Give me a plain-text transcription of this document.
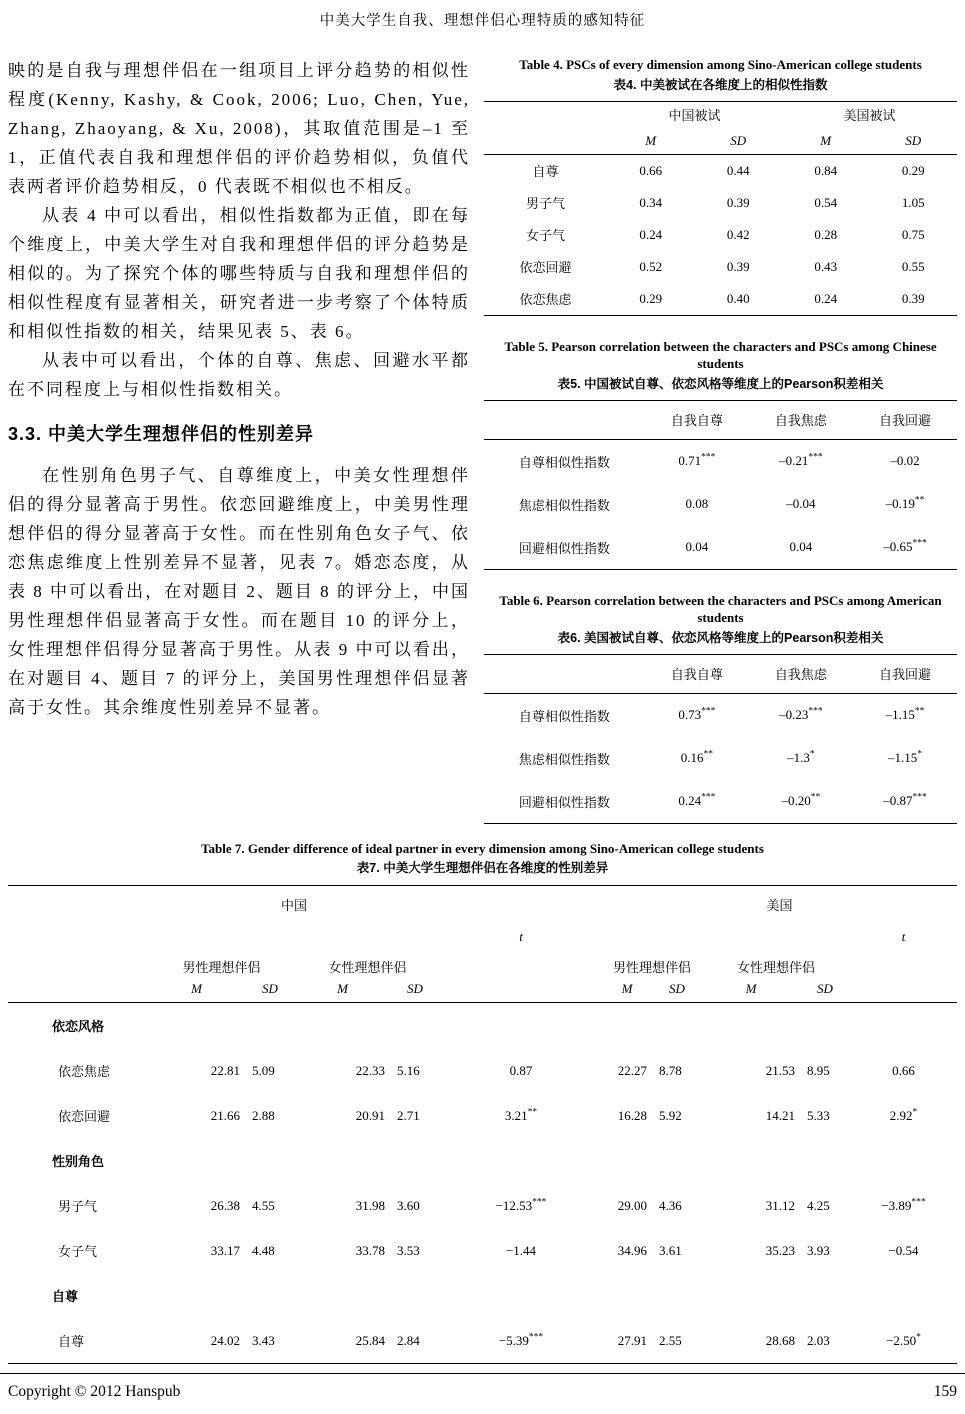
中美大学生自我、理想伴侣心理特质的感知特征

映的是自我与理想伴侣在一组项目上评分趋势的相似性程度(Kenny, Kashy, & Cook, 2006; Luo, Chen, Yue, Zhang, Zhaoyang, & Xu, 2008)，其取值范围是–1 至 1，正值代表自我和理想伴侣的评价趋势相似，负值代表两者评价趋势相反，0 代表既不相似也不相反。

从表 4 中可以看出，相似性指数都为正值，即在每个维度上，中美大学生对自我和理想伴侣的评分趋势是相似的。为了探究个体的哪些特质与自我和理想伴侣的相似性程度有显著相关，研究者进一步考察了个体特质和相似性指数的相关，结果见表 5、表 6。

从表中可以看出，个体的自尊、焦虑、回避水平都在不同程度上与相似性指数相关。

3.3. 中美大学生理想伴侣的性别差异

在性别角色男子气、自尊维度上，中美女性理想伴侣的得分显著高于男性。依恋回避维度上，中美男性理想伴侣的得分显著高于女性。而在性别角色女子气、依恋焦虑维度上性别差异不显著，见表 7。婚恋态度，从表 8 中可以看出，在对题目 2、题目 8 的评分上，中国男性理想伴侣显著高于女性。而在题目 10 的评分上，女性理想伴侣得分显著高于男性。从表 9 中可以看出，在对题目 4、题目 7 的评分上，美国男性理想伴侣显著高于女性。其余维度性别差异不显著。

Table 4. PSCs of every dimension among Sino-American college students

表4. 中美被试在各维度上的相似性指数

	中国被试		美国被试	
	M	SD	M	SD
自尊	0.66	0.44	0.84	0.29
男子气	0.34	0.39	0.54	1.05
女子气	0.24	0.42	0.28	0.75
依恋回避	0.52	0.39	0.43	0.55
依恋焦虑	0.29	0.40	0.24	0.39

Table 5. Pearson correlation between the characters and PSCs among Chinese students

表5. 中国被试自尊、依恋风格等维度上的Pearson积差相关

	自我自尊	自我焦虑	自我回避
自尊相似性指数	0.71***	–0.21***	–0.02
焦虑相似性指数	0.08	–0.04	–0.19**
回避相似性指数	0.04	0.04	–0.65***

Table 6. Pearson correlation between the characters and PSCs among American students

表6. 美国被试自尊、依恋风格等维度上的Pearson积差相关

	自我自尊	自我焦虑	自我回避
自尊相似性指数	0.73***	–0.23***	–1.15**
焦虑相似性指数	0.16**	–1.3*	–1.15*
回避相似性指数	0.24***	–0.20**	–0.87***

Table 7. Gender difference of ideal partner in every dimension among Sino-American college students

表7. 中美大学生理想伴侣在各维度的性别差异

	中国					美国				
					t					t
	男性理想伴侣		女性理想伴侣			男性理想伴侣		女性理想伴侣		
	M	SD	M	SD		M	SD	M	SD	
依恋风格										
依恋焦虑	22.81	5.09	22.33	5.16	0.87	22.27	8.78	21.53	8.95	0.66
依恋回避	21.66	2.88	20.91	2.71	3.21**	16.28	5.92	14.21	5.33	2.92*
性别角色										
男子气	26.38	4.55	31.98	3.60	−12.53***	29.00	4.36	31.12	4.25	−3.89***
女子气	33.17	4.48	33.78	3.53	−1.44	34.96	3.61	35.23	3.93	−0.54
自尊										
自尊	24.02	3.43	25.84	2.84	−5.39***	27.91	2.55	28.68	2.03	−2.50*
Copyright © 2012 Hanspub	159
